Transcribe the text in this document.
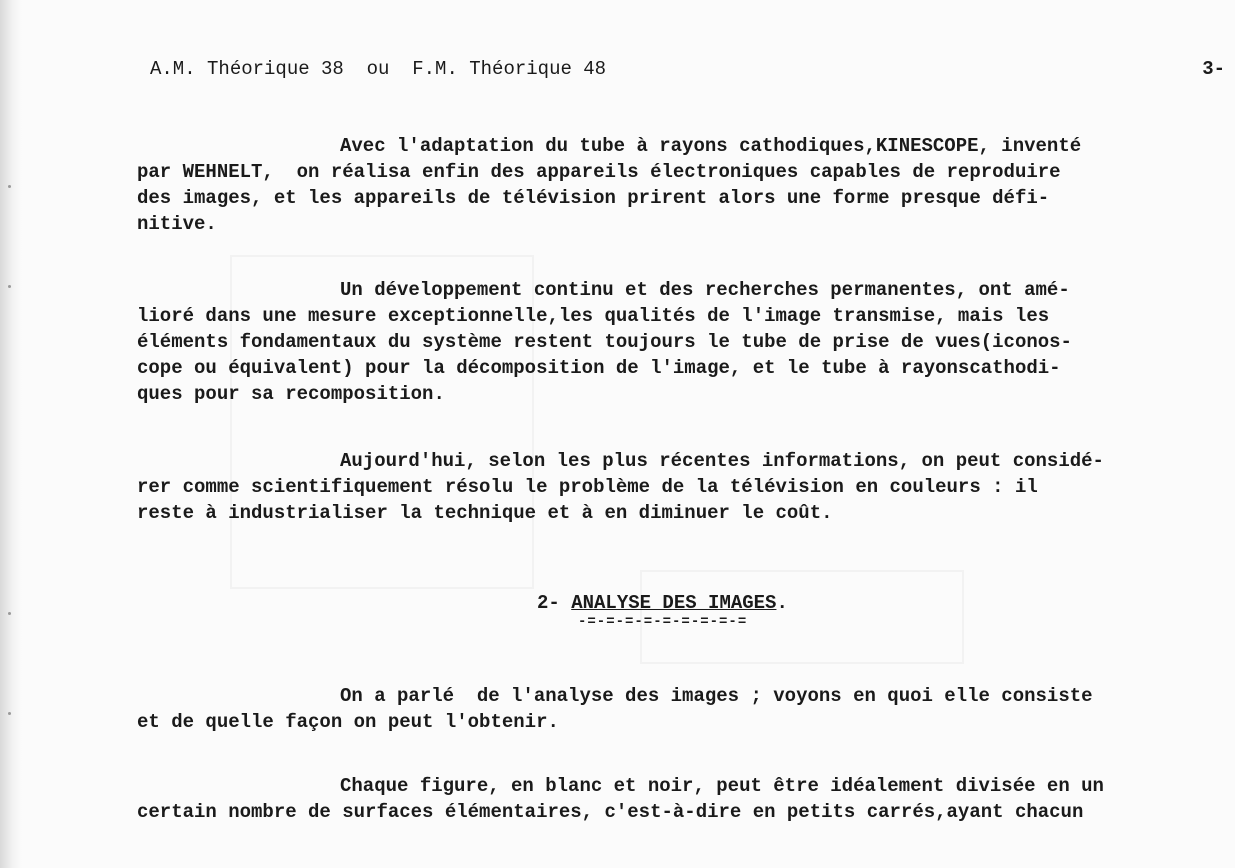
A.M. Théorique 38  ou  F.M. Théorique 48	3-
Avec l'adaptation du tube à rayons cathodiques,KINESCOPE, inventé
par WEHNELT,  on réalisa enfin des appareils électroniques capables de reproduire
des images, et les appareils de télévision prirent alors une forme presque défi-
nitive.
Un développement continu et des recherches permanentes, ont amé-
lioré dans une mesure exceptionnelle,les qualités de l'image transmise, mais les
éléments fondamentaux du système restent toujours le tube de prise de vues(iconos-
cope ou équivalent) pour la décomposition de l'image, et le tube à rayonscathodi-
ques pour sa recomposition.
Aujourd'hui, selon les plus récentes informations, on peut considé-
rer comme scientifiquement résolu le problème de la télévision en couleurs : il
reste à industrialiser la technique et à en diminuer le coût.
2- ANALYSE DES IMAGES.
-=-=-=-=-=-=-=-=-=
On a parlé  de l'analyse des images ; voyons en quoi elle consiste
et de quelle façon on peut l'obtenir.
Chaque figure, en blanc et noir, peut être idéalement divisée en un
certain nombre de surfaces élémentaires, c'est-à-dire en petits carrés,ayant chacun
